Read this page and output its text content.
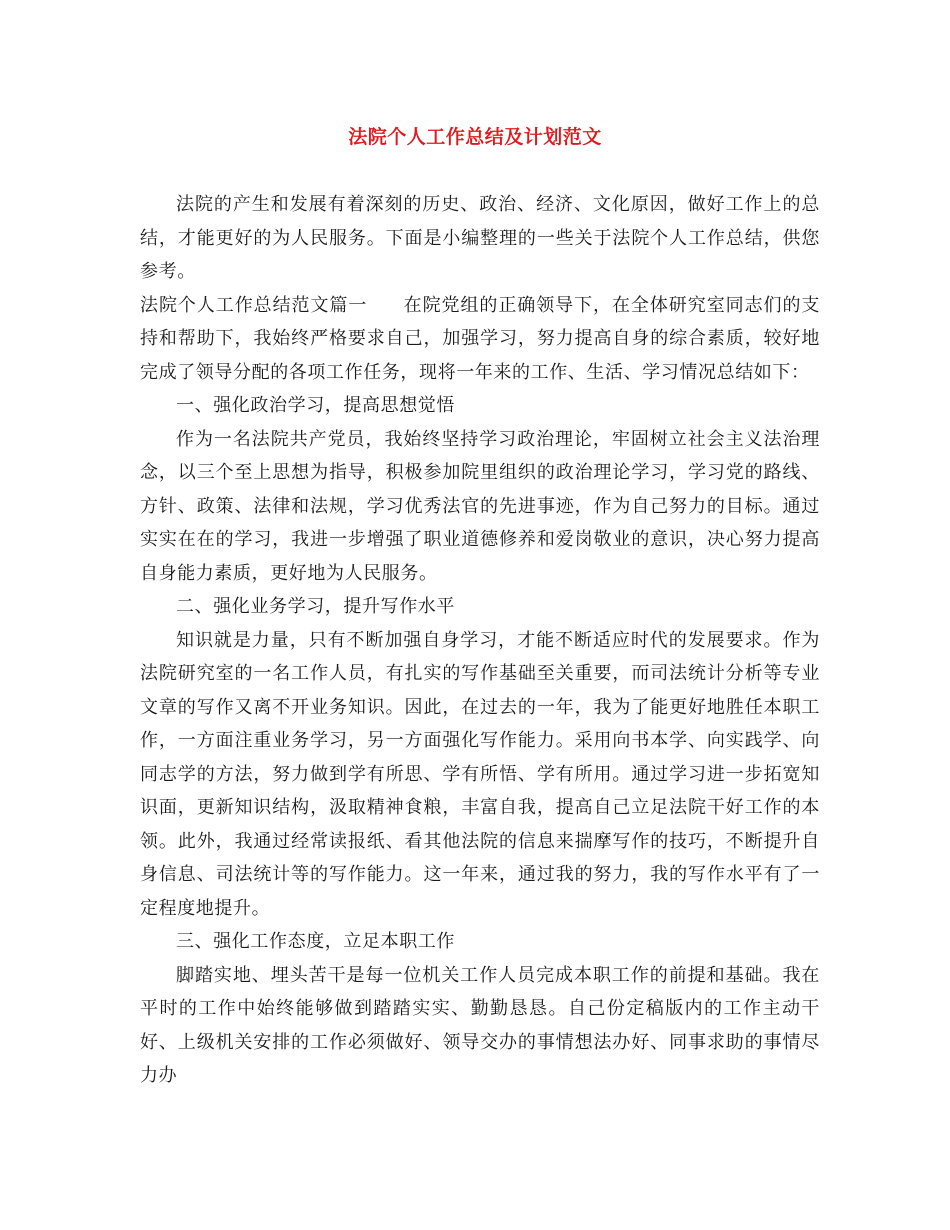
法院个人工作总结及计划范文

法院的产生和发展有着深刻的历史、政治、经济、文化原因，做好工作上的总结，才能更好的为人民服务。下面是小编整理的一些关于法院个人工作总结，供您参考。

法院个人工作总结范文篇一 在院党组的正确领导下，在全体研究室同志们的支持和帮助下，我始终严格要求自己，加强学习，努力提高自身的综合素质，较好地完成了领导分配的各项工作任务，现将一年来的工作、生活、学习情况总结如下：

一、强化政治学习，提高思想觉悟

作为一名法院共产党员，我始终坚持学习政治理论，牢固树立社会主义法治理念，以三个至上思想为指导，积极参加院里组织的政治理论学习，学习党的路线、方针、政策、法律和法规，学习优秀法官的先进事迹，作为自己努力的目标。通过实实在在的学习，我进一步增强了职业道德修养和爱岗敬业的意识，决心努力提高自身能力素质，更好地为人民服务。

二、强化业务学习，提升写作水平

知识就是力量，只有不断加强自身学习，才能不断适应时代的发展要求。作为法院研究室的一名工作人员，有扎实的写作基础至关重要，而司法统计分析等专业文章的写作又离不开业务知识。因此，在过去的一年，我为了能更好地胜任本职工作，一方面注重业务学习，另一方面强化写作能力。采用向书本学、向实践学、向同志学的方法，努力做到学有所思、学有所悟、学有所用。通过学习进一步拓宽知识面，更新知识结构，汲取精神食粮，丰富自我，提高自己立足法院干好工作的本领。此外，我通过经常读报纸、看其他法院的信息来揣摩写作的技巧，不断提升自身信息、司法统计等的写作能力。这一年来，通过我的努力，我的写作水平有了一定程度地提升。

三、强化工作态度，立足本职工作

脚踏实地、埋头苦干是每一位机关工作人员完成本职工作的前提和基础。我在平时的工作中始终能够做到踏踏实实、勤勤恳恳。自己份定稿版内的工作主动干好、上级机关安排的工作必须做好、领导交办的事情想法办好、同事求助的事情尽力办
